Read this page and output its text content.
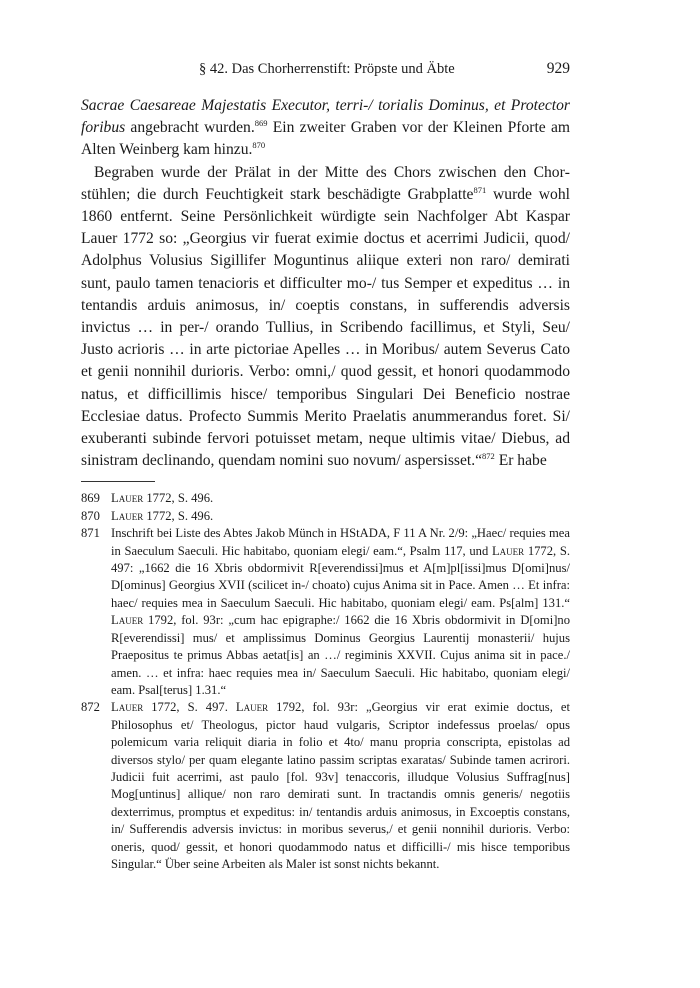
§ 42. Das Chorherrenstift: Pröpste und Äbte	929

Sacrae Caesareae Majestatis Executor, terri-/ torialis Dominus, et Protector foribus angebracht wurden.$^{869}$ Ein zweiter Graben vor der Kleinen Pforte am Alten Weinberg kam hinzu.$^{870}$

Begraben wurde der Prälat in der Mitte des Chors zwischen den Chorstühlen; die durch Feuchtigkeit stark beschädigte Grabplatte$^{871}$ wurde wohl 1860 entfernt. Seine Persönlichkeit würdigte sein Nachfolger Abt Kaspar Lauer 1772 so: „Georgius vir fuerat eximie doctus et acerrimi Judicii, quod/ Adolphus Volusius Sigillifer Moguntinus aliique exteri non raro/ demirati sunt, paulo tamen tenacioris et difficulter mo-/ tus Semper et expeditus … in tentandis arduis animosus, in/ coeptis constans, in sufferendis adversis invictus … in per-/ orando Tullius, in Scribendo facillimus, et Styli, Seu/ Justo acrioris … in arte pictoriae Apelles … in Moribus/ autem Severus Cato et genii nonnihil durioris. Verbo: omni,/ quod gessit, et honori quodammodo natus, et difficillimis hisce/ temporibus Singulari Dei Beneficio nostrae Ecclesiae datus. Profecto Summis Merito Praelatis anummerandus foret. Si/ exuberanti subinde fervori potuisset metam, neque ultimis vitae/ Diebus, ad sinistram declinando, quendam nomini suo novum/ aspersisset.“$^{872}$ Er habe

869 Lauer 1772, S. 496.
870 Lauer 1772, S. 496.
871 Inschrift bei Liste des Abtes Jakob Münch in HStADA, F 11 A Nr. 2/9: „Haec/ requies mea in Saeculum Saeculi. Hic habitabo, quoniam elegi/ eam.“, Psalm 117, und Lauer 1772, S. 497: „1662 die 16 Xbris obdormivit R[everendissi]mus et A[m]pl[issi]mus D[omi]nus/ D[ominus] Georgius XVII (scilicet in-/ choato) cujus Anima sit in Pace. Amen … Et infra: haec/ requies mea in Saeculum Saeculi. Hic habitabo, quoniam elegi/ eam. Ps[alm] 131.“ Lauer 1792, fol. 93r: „cum hac epigraphe:/ 1662 die 16 Xbris obdormivit in D[omi]no R[everendissi] mus/ et amplissimus Dominus Georgius Laurentij monasterii/ hujus Praepositus te primus Abbas aetat[is] an …/ regiminis XXVII. Cujus anima sit in pace./ amen. … et infra: haec requies mea in/ Saeculum Saeculi. Hic habitabo, quoniam elegi/ eam. Psal[terus] 1.31.“
872 Lauer 1772, S. 497. Lauer 1792, fol. 93r: „Georgius vir erat eximie doctus, et Philosophus et/ Theologus, pictor haud vulgaris, Scriptor indefessus proelas/ opus polemicum varia reliquit diaria in folio et 4to/ manu propria conscripta, epistolas ad diversos stylo/ per quam elegante latino passim scriptas exaratas/ Subinde tamen acrirori. Judicii fuit acerrimi, ast paulo [fol. 93v] tenaccoris, illudque Volusius Suffrag[nus] Mog[untinus] allique/ non raro demirati sunt. In tractandis omnis generis/ negotiis dexterrimus, promptus et expeditus: in/ tentandis arduis animosus, in Excoeptis constans, in/ Sufferendis adversis invictus: in moribus severus,/ et genii nonnihil durioris. Verbo: oneris, quod/ gessit, et honori quodammodo natus et difficilli-/ mis hisce temporibus Singular.“ Über seine Arbeiten als Maler ist sonst nichts bekannt.
